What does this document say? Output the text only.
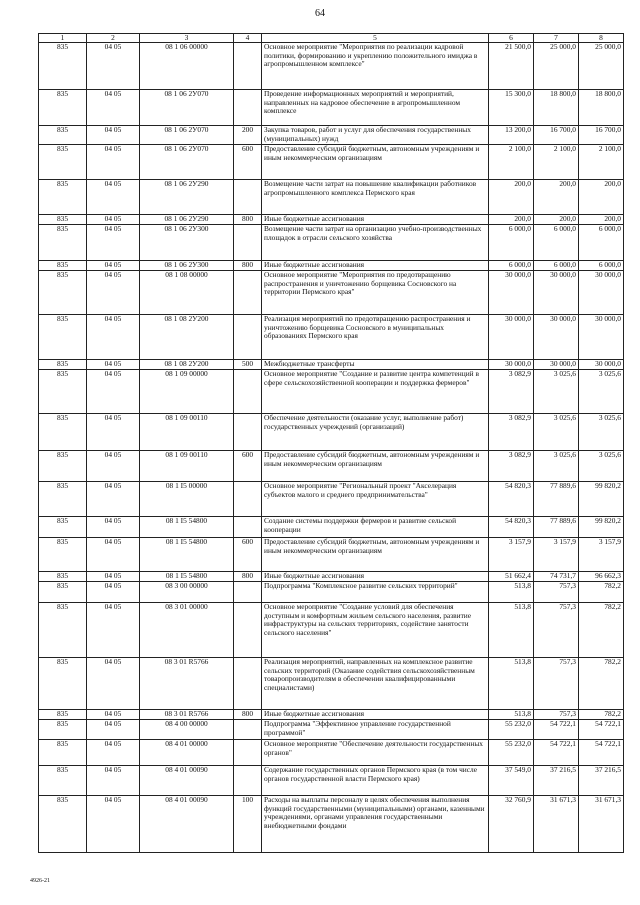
64
1	2	3	4	5	6	7	8
835	04 05	08 1 06 00000		Основное мероприятие "Мероприятия по реализации кадровой политики, формированию и укреплению положительного имиджа в агропромышленном комплексе"	21 500,0	25 000,0	25 000,0
835	04 05	08 1 06 2У070		Проведение информационных мероприятий и мероприятий, направленных на кадровое обеспечение в агропромышленном комплексе	15 300,0	18 800,0	18 800,0
835	04 05	08 1 06 2У070	200	Закупка товаров, работ и услуг для обеспечения государственных (муниципальных) нужд	13 200,0	16 700,0	16 700,0
835	04 05	08 1 06 2У070	600	Предоставление субсидий бюджетным, автономным учреждениям и иным некоммерческим организациям	2 100,0	2 100,0	2 100,0
835	04 05	08 1 06 2У290		Возмещение части затрат на повышение квалификации работников агропромышленного комплекса Пермского края	200,0	200,0	200,0
835	04 05	08 1 06 2У290	800	Иные бюджетные ассигнования	200,0	200,0	200,0
835	04 05	08 1 06 2У300		Возмещение части затрат на организацию учебно-производственных площадок в отрасли сельского хозяйства	6 000,0	6 000,0	6 000,0
835	04 05	08 1 06 2У300	800	Иные бюджетные ассигнования	6 000,0	6 000,0	6 000,0
835	04 05	08 1 08 00000		Основное мероприятие "Мероприятия по предотвращению распространения и уничтожению борщевика Сосновского на территории Пермского края"	30 000,0	30 000,0	30 000,0
835	04 05	08 1 08 2У200		Реализация мероприятий по предотвращению распространения и уничтожению борщевика Сосновского в муниципальных образованиях Пермского края	30 000,0	30 000,0	30 000,0
835	04 05	08 1 08 2У200	500	Межбюджетные трансферты	30 000,0	30 000,0	30 000,0
835	04 05	08 1 09 00000		Основное мероприятие "Создание и развитие центра компетенций в сфере сельскохозяйственной кооперации и поддержка фермеров"	3 082,9	3 025,6	3 025,6
835	04 05	08 1 09 00110		Обеспечение деятельности (оказание услуг, выполнение работ) государственных учреждений (организаций)	3 082,9	3 025,6	3 025,6
835	04 05	08 1 09 00110	600	Предоставление субсидий бюджетным, автономным учреждениям и иным некоммерческим организациям	3 082,9	3 025,6	3 025,6
835	04 05	08 1 I5 00000		Основное мероприятие "Региональный проект "Акселерация субъектов малого и среднего предпринимательства"	54 820,3	77 889,6	99 820,2
835	04 05	08 1 I5 54800		Создание системы поддержки фермеров и развитие сельской кооперации	54 820,3	77 889,6	99 820,2
835	04 05	08 1 I5 54800	600	Предоставление субсидий бюджетным, автономным учреждениям и иным некоммерческим организациям	3 157,9	3 157,9	3 157,9
835	04 05	08 1 I5 54800	800	Иные бюджетные ассигнования	51 662,4	74 731,7	96 662,3
835	04 05	08 3 00 00000		Подпрограмма "Комплексное развитие сельских территорий"	513,8	757,3	782,2
835	04 05	08 3 01 00000		Основное мероприятие "Создание условий для обеспечения доступным и комфортным жильем сельского населения, развитие инфраструктуры на сельских территориях, содействие занятости сельского населения"	513,8	757,3	782,2
835	04 05	08 3 01 R5766		Реализация мероприятий, направленных на комплексное развитие сельских территорий (Оказание содействия сельскохозяйственным товаропроизводителям в обеспечении квалифицированными специалистами)	513,8	757,3	782,2
835	04 05	08 3 01 R5766	800	Иные бюджетные ассигнования	513,8	757,3	782,2
835	04 05	08 4 00 00000		Подпрограмма "Эффективное управление государственной программой"	55 232,0	54 722,1	54 722,1
835	04 05	08 4 01 00000		Основное мероприятие "Обеспечение деятельности государственных органов"	55 232,0	54 722,1	54 722,1
835	04 05	08 4 01 00090		Содержание государственных органов Пермского края (в том числе органов государственной власти Пермского края)	37 549,0	37 216,5	37 216,5
835	04 05	08 4 01 00090	100	Расходы на выплаты персоналу в целях обеспечения выполнения функций государственными (муниципальными) органами, казенными учреждениями, органами управления государственными внебюджетными фондами	32 760,9	31 671,3	31 671,3
4926-21
